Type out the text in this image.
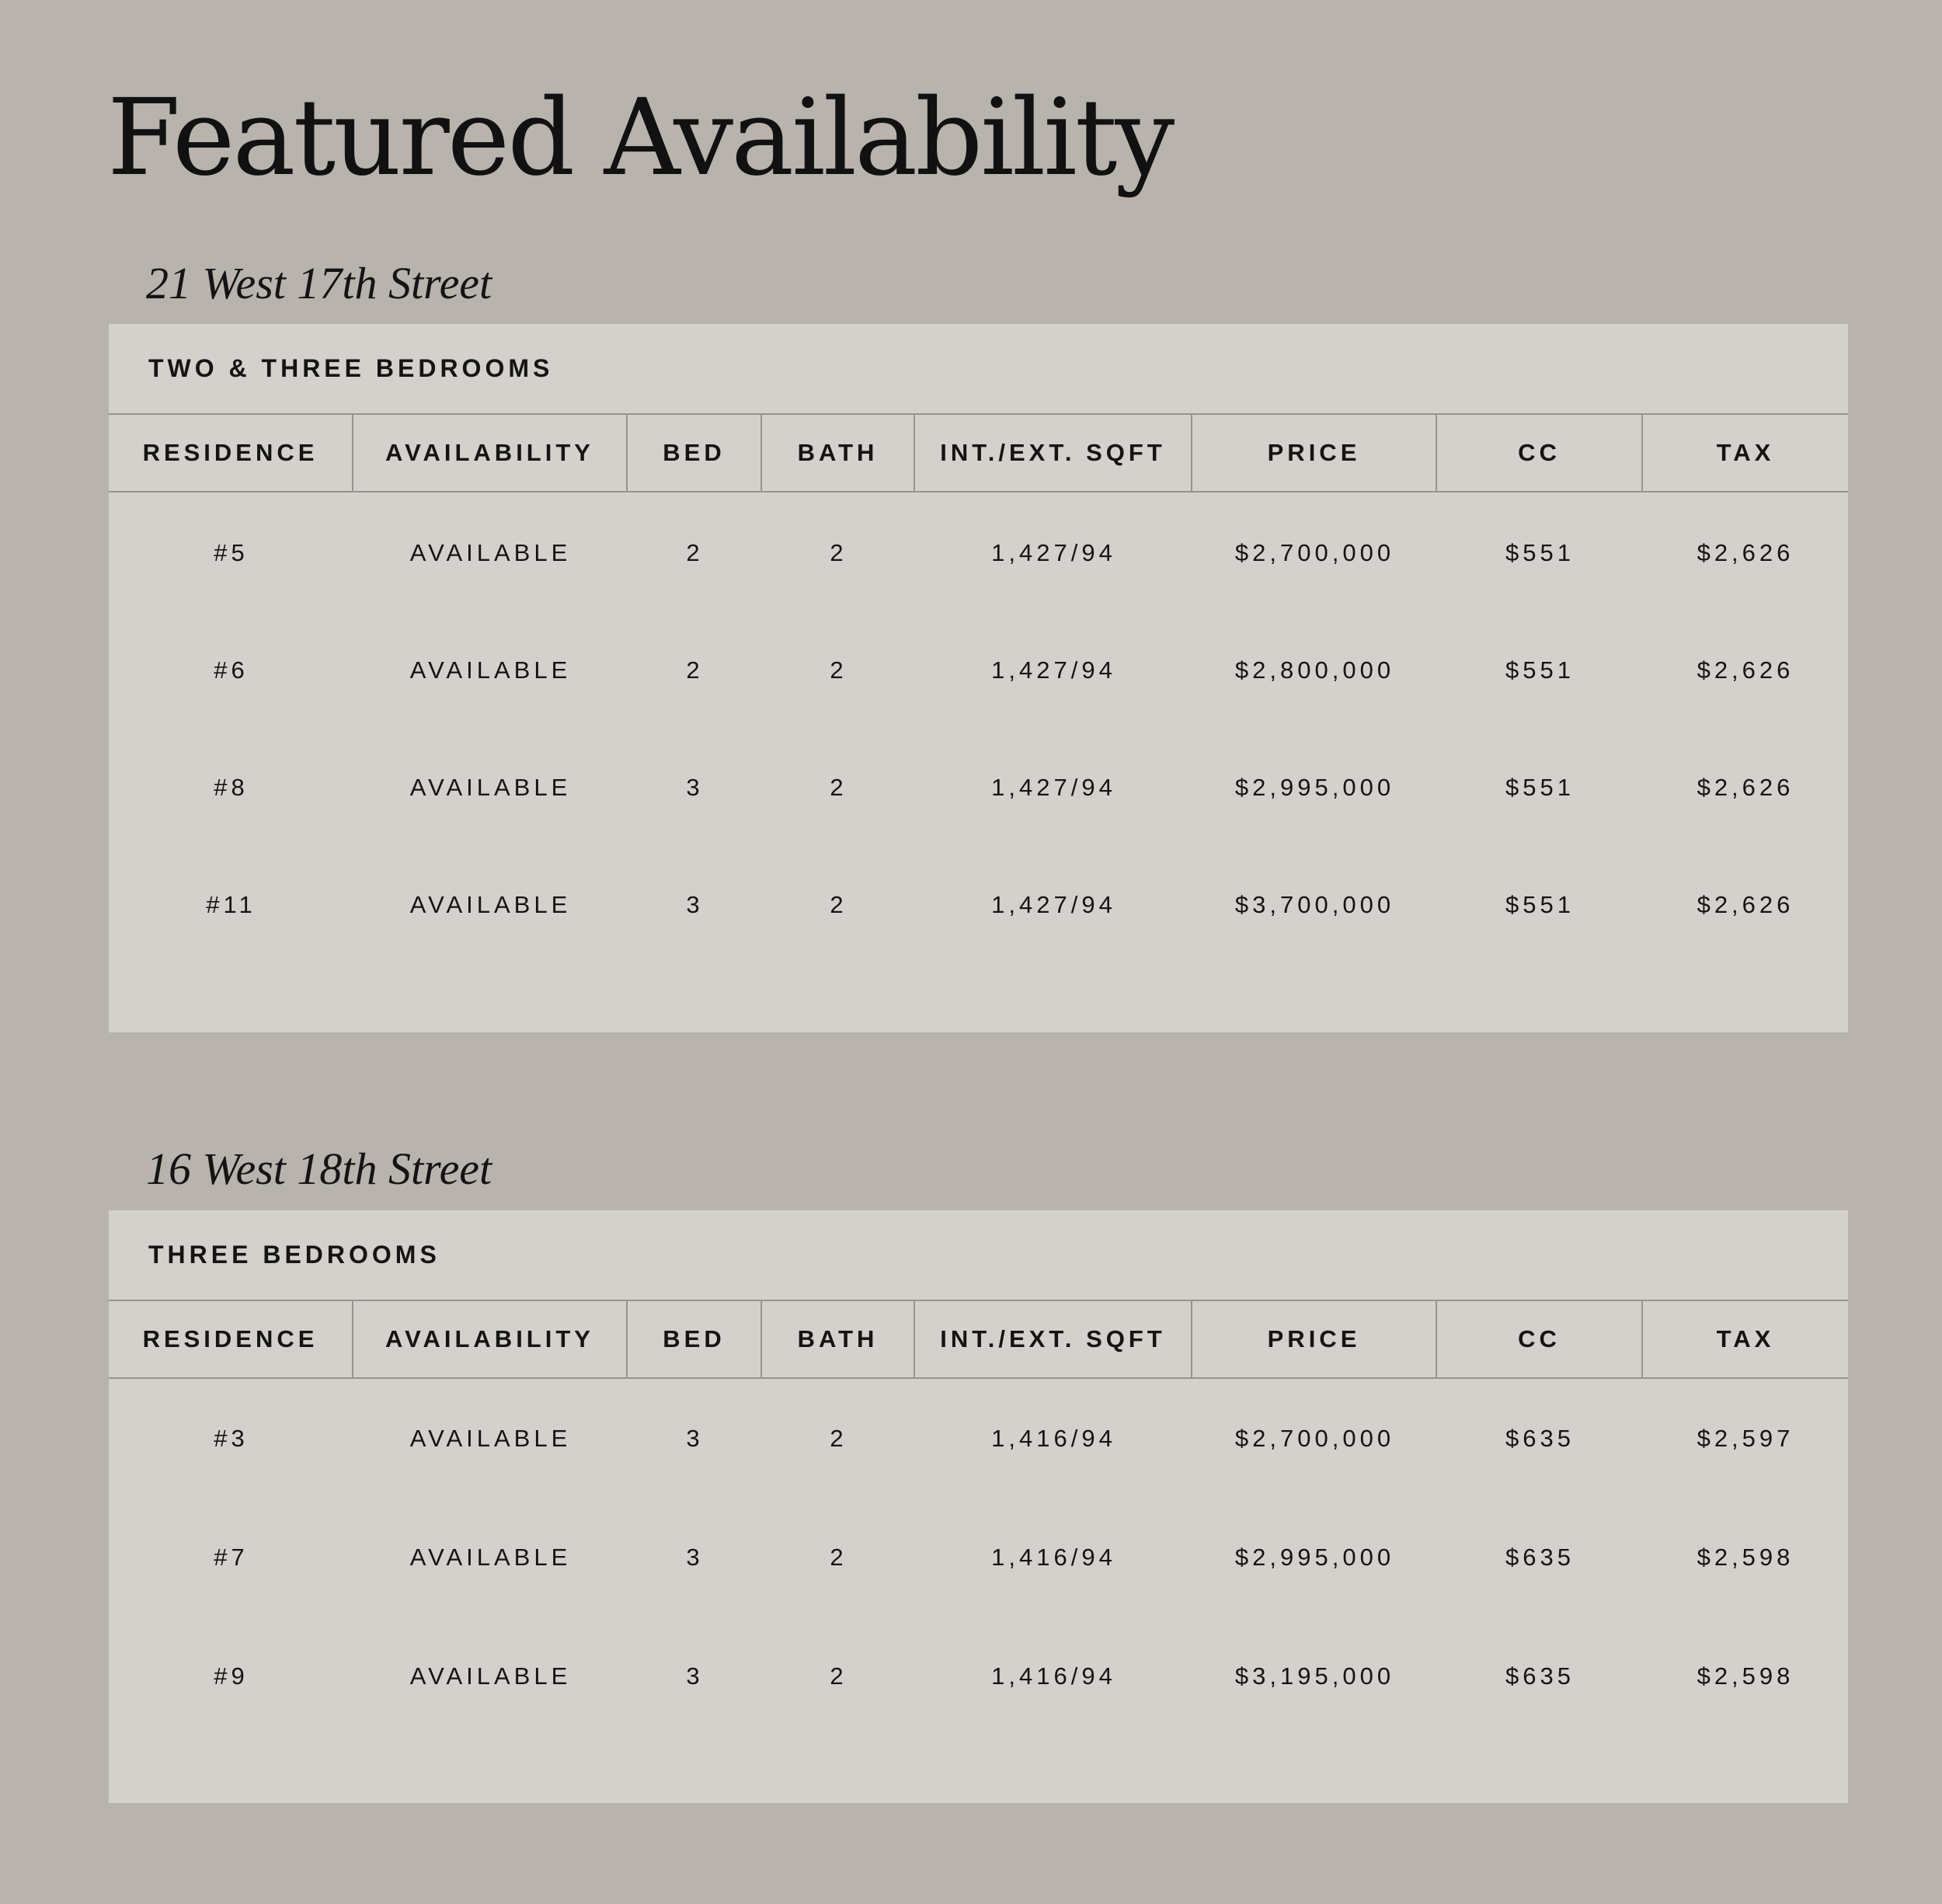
Featured Availability
21 West 17th Street
TWO & THREE BEDROOMS
RESIDENCE	AVAILABILITY	BED	BATH	INT./EXT. SQFT	PRICE	CC	TAX
#5	AVAILABLE	2	2	1,427/94	$2,700,000	$551	$2,626
#6	AVAILABLE	2	2	1,427/94	$2,800,000	$551	$2,626
#8	AVAILABLE	3	2	1,427/94	$2,995,000	$551	$2,626
#11	AVAILABLE	3	2	1,427/94	$3,700,000	$551	$2,626
16 West 18th Street
THREE BEDROOMS
RESIDENCE	AVAILABILITY	BED	BATH	INT./EXT. SQFT	PRICE	CC	TAX
#3	AVAILABLE	3	2	1,416/94	$2,700,000	$635	$2,597
#7	AVAILABLE	3	2	1,416/94	$2,995,000	$635	$2,598
#9	AVAILABLE	3	2	1,416/94	$3,195,000	$635	$2,598
